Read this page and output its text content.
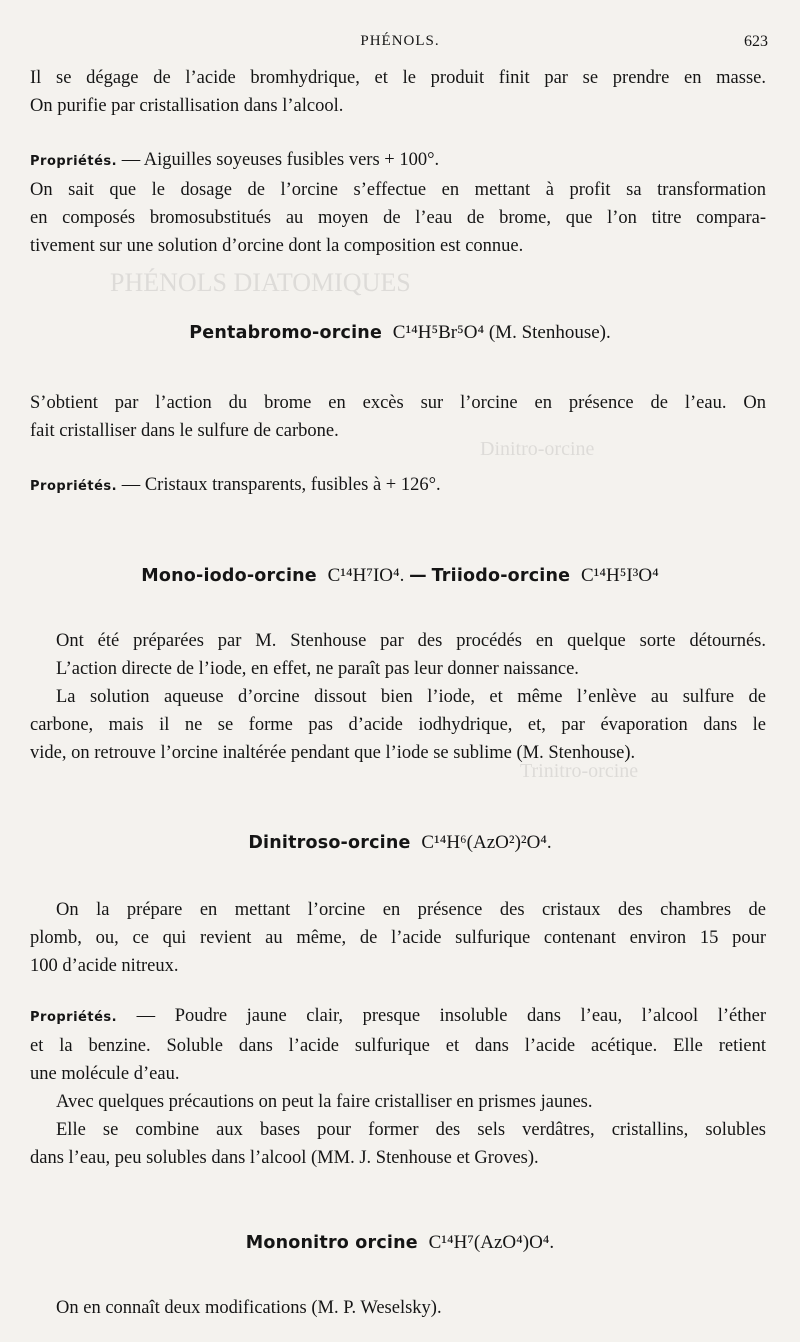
PHÉNOLS DIATOMIQUES
Dinitro-orcine
Trinitro-orcine
PHÉNOLS.	623
Il se dégage de l’acide bromhydrique, et le produit finit par se prendre en masse.
On purifie par cristallisation dans l’alcool.
Propriétés. — Aiguilles soyeuses fusibles vers + 100°.
On sait que le dosage de l’orcine s’effectue en mettant à profit sa transformation
en composés bromosubstitués au moyen de l’eau de brome, que l’on titre compara-
tivement sur une solution d’orcine dont la composition est connue.
Pentabromo-orcine C¹⁴H⁵Br⁵O⁴ (M. Stenhouse).
S’obtient par l’action du brome en excès sur l’orcine en présence de l’eau. On
fait cristalliser dans le sulfure de carbone.
Propriétés. — Cristaux transparents, fusibles à + 126°.
Mono-iodo-orcine C¹⁴H⁷IO⁴. — Triiodo-orcine C¹⁴H⁵I³O⁴
Ont été préparées par M. Stenhouse par des procédés en quelque sorte détournés.
L’action directe de l’iode, en effet, ne paraît pas leur donner naissance.
La solution aqueuse d’orcine dissout bien l’iode, et même l’enlève au sulfure de
carbone, mais il ne se forme pas d’acide iodhydrique, et, par évaporation dans le
vide, on retrouve l’orcine inaltérée pendant que l’iode se sublime (M. Stenhouse).
Dinitroso-orcine C¹⁴H⁶(AzO²)²O⁴.
On la prépare en mettant l’orcine en présence des cristaux des chambres de
plomb, ou, ce qui revient au même, de l’acide sulfurique contenant environ 15 pour
100 d’acide nitreux.
Propriétés. — Poudre jaune clair, presque insoluble dans l’eau, l’alcool l’éther
et la benzine. Soluble dans l’acide sulfurique et dans l’acide acétique. Elle retient
une molécule d’eau.
Avec quelques précautions on peut la faire cristalliser en prismes jaunes.
Elle se combine aux bases pour former des sels verdâtres, cristallins, solubles
dans l’eau, peu solubles dans l’alcool (MM. J. Stenhouse et Groves).
Mononitro orcine C¹⁴H⁷(AzO⁴)O⁴.
On en connaît deux modifications (M. P. Weselsky).
